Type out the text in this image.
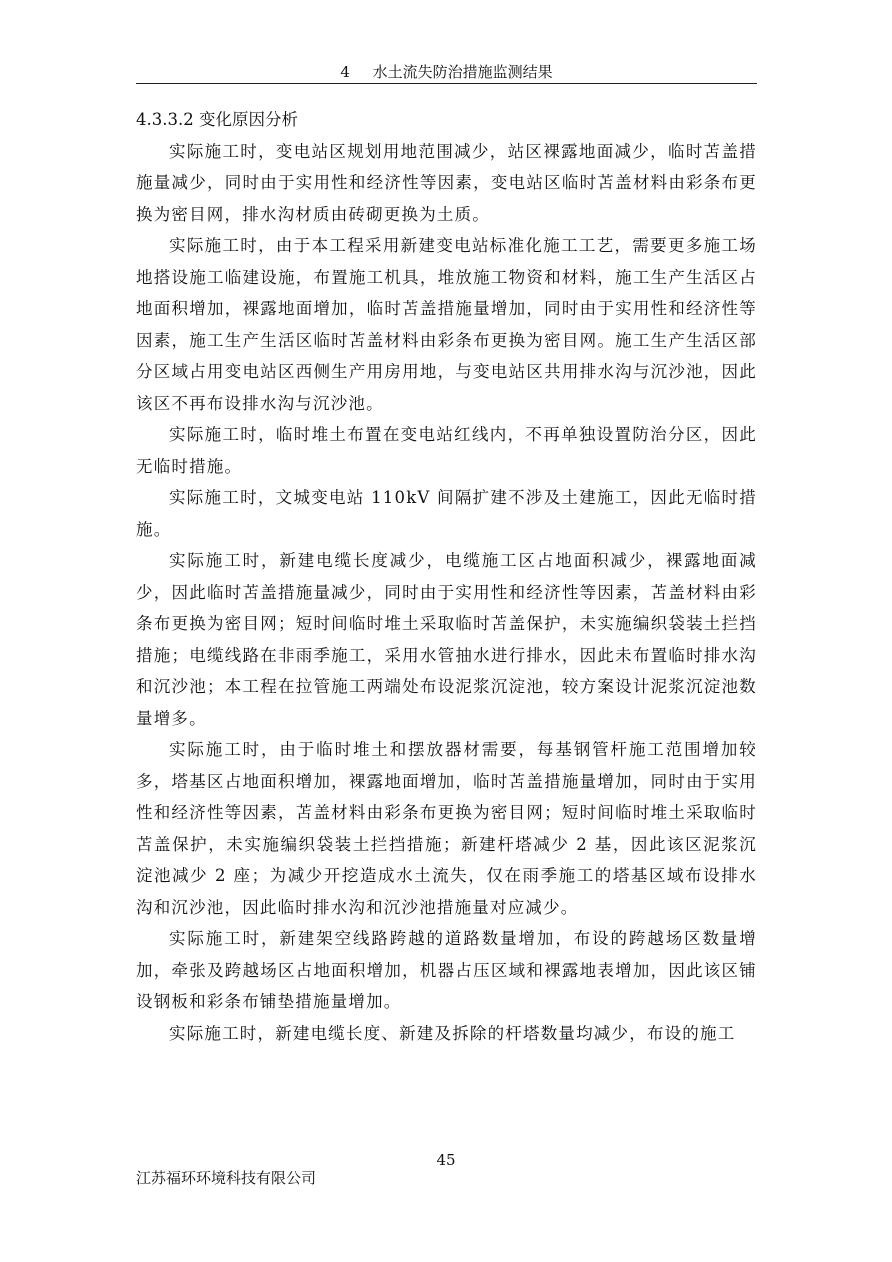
4 水土流失防治措施监测结果

4.3.3.2 变化原因分析

实际施工时，变电站区规划用地范围减少，站区裸露地面减少，临时苫盖措施量减少，同时由于实用性和经济性等因素，变电站区临时苫盖材料由彩条布更换为密目网，排水沟材质由砖砌更换为土质。

实际施工时，由于本工程采用新建变电站标准化施工工艺，需要更多施工场地搭设施工临建设施，布置施工机具，堆放施工物资和材料，施工生产生活区占地面积增加，裸露地面增加，临时苫盖措施量增加，同时由于实用性和经济性等因素，施工生产生活区临时苫盖材料由彩条布更换为密目网。施工生产生活区部分区域占用变电站区西侧生产用房用地，与变电站区共用排水沟与沉沙池，因此该区不再布设排水沟与沉沙池。

实际施工时，临时堆土布置在变电站红线内，不再单独设置防治分区，因此无临时措施。

实际施工时，文城变电站 110kV 间隔扩建不涉及土建施工，因此无临时措施。

实际施工时，新建电缆长度减少，电缆施工区占地面积减少，裸露地面减少，因此临时苫盖措施量减少，同时由于实用性和经济性等因素，苫盖材料由彩条布更换为密目网；短时间临时堆土采取临时苫盖保护，未实施编织袋装土拦挡措施；电缆线路在非雨季施工，采用水管抽水进行排水，因此未布置临时排水沟和沉沙池；本工程在拉管施工两端处布设泥浆沉淀池，较方案设计泥浆沉淀池数量增多。

实际施工时，由于临时堆土和摆放器材需要，每基钢管杆施工范围增加较多，塔基区占地面积增加，裸露地面增加，临时苫盖措施量增加，同时由于实用性和经济性等因素，苫盖材料由彩条布更换为密目网；短时间临时堆土采取临时苫盖保护，未实施编织袋装土拦挡措施；新建杆塔减少 2 基，因此该区泥浆沉淀池减少 2 座；为减少开挖造成水土流失，仅在雨季施工的塔基区域布设排水沟和沉沙池，因此临时排水沟和沉沙池措施量对应减少。

实际施工时，新建架空线路跨越的道路数量增加，布设的跨越场区数量增加，牵张及跨越场区占地面积增加，机器占压区域和裸露地表增加，因此该区铺设钢板和彩条布铺垫措施量增加。

实际施工时，新建电缆长度、新建及拆除的杆塔数量均减少，布设的施工

45
江苏福环环境科技有限公司
